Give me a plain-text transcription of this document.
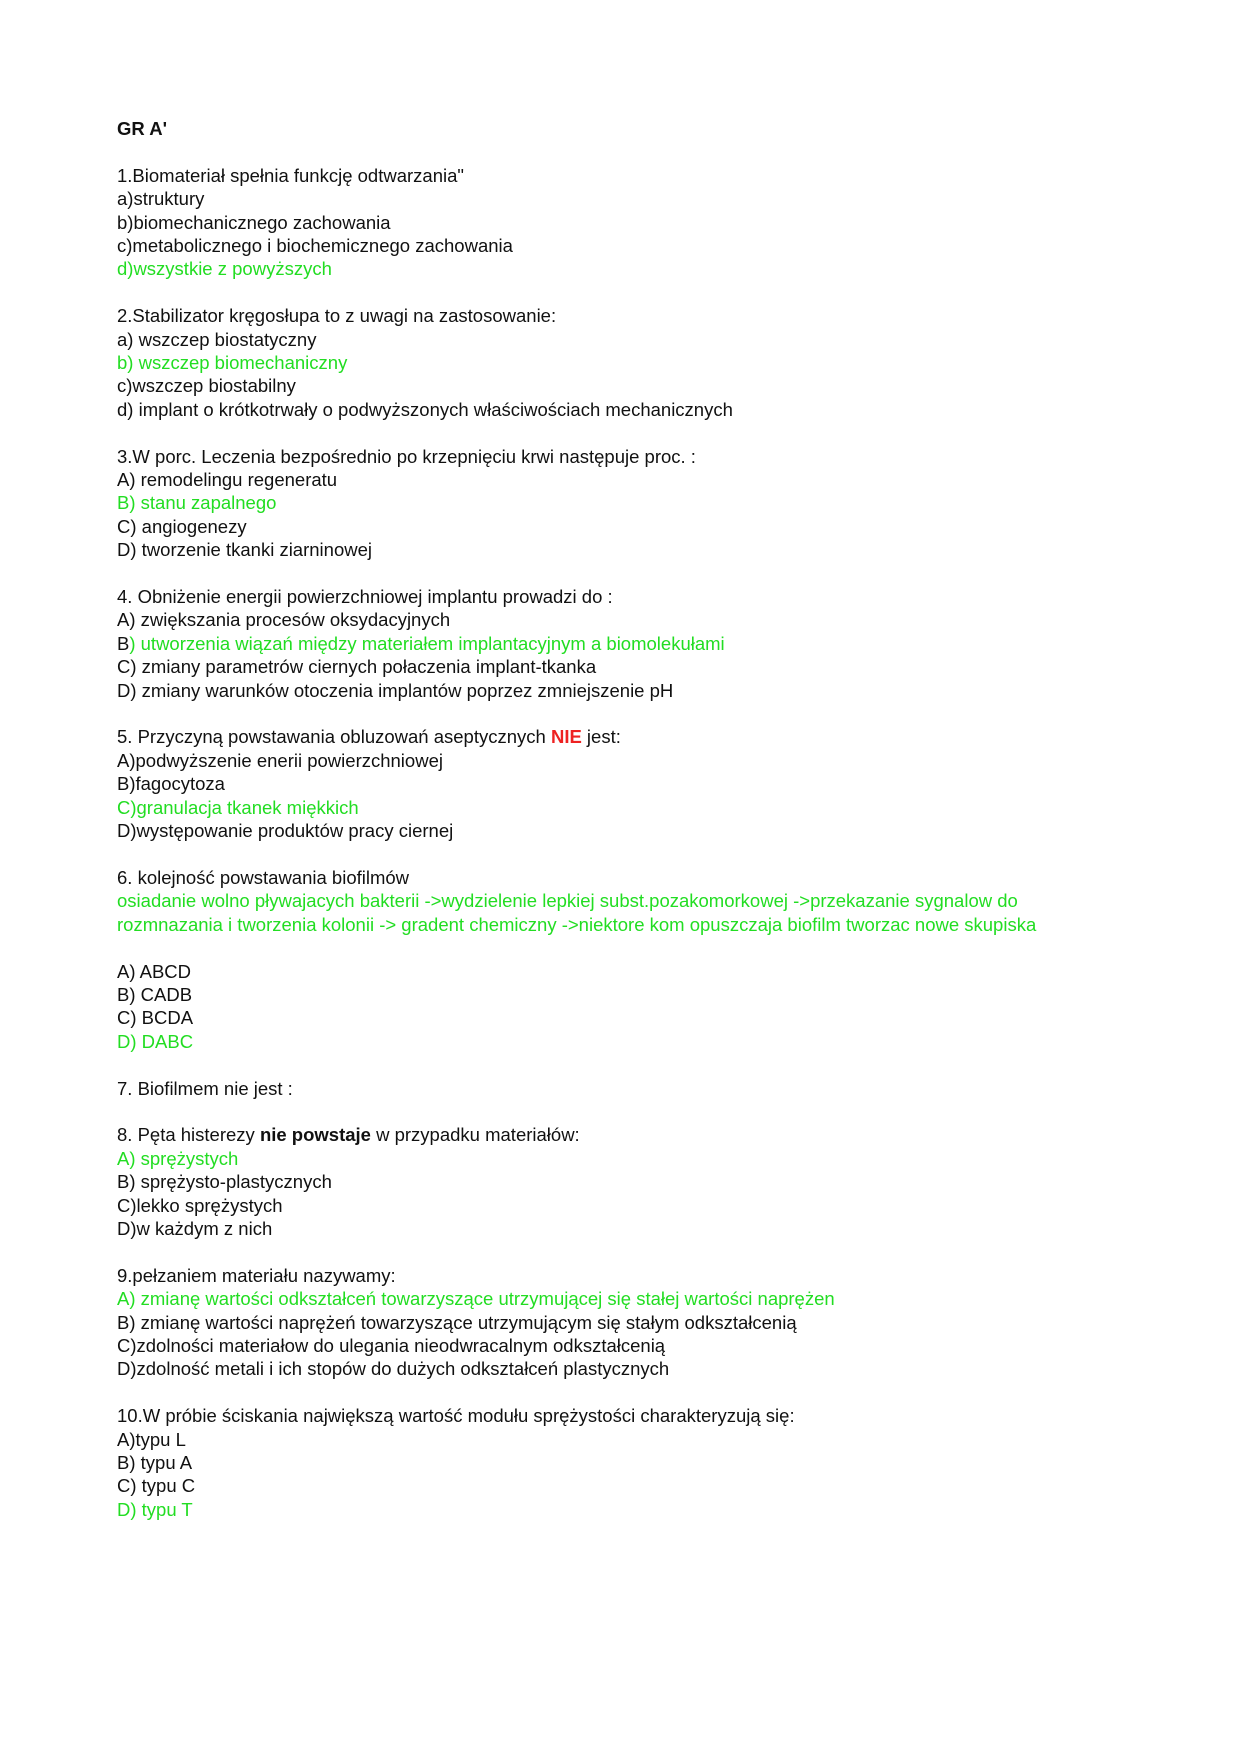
GR A'
1.Biomateriał spełnia funkcję odtwarzania"
a)struktury
b)biomechanicznego zachowania
c)metabolicznego i biochemicznego zachowania
d)wszystkie z powyższych
2.Stabilizator kręgosłupa to z uwagi na zastosowanie:
a) wszczep biostatyczny
b) wszczep biomechaniczny
c)wszczep biostabilny
d) implant o krótkotrwały o podwyższonych właściwościach mechanicznych
3.W porc. Leczenia bezpośrednio po krzepnięciu krwi następuje proc. :
A) remodelingu regeneratu
B) stanu zapalnego
C) angiogenezy
D) tworzenie tkanki ziarninowej
4. Obniżenie energii powierzchniowej implantu prowadzi do :
A) zwiększania procesów oksydacyjnych
B) utworzenia wiązań między materiałem implantacyjnym a biomolekułami
C) zmiany parametrów ciernych połaczenia implant-tkanka
D) zmiany warunków otoczenia implantów poprzez zmniejszenie pH
5. Przyczyną powstawania obluzowań aseptycznych NIE jest:
A)podwyższenie enerii powierzchniowej
B)fagocytoza
C)granulacja tkanek miękkich
D)występowanie produktów pracy ciernej
6. kolejność powstawania biofilmów
osiadanie wolno pływajacych bakterii ->wydzielenie lepkiej subst.pozakomorkowej ->przekazanie sygnalow do rozmnazania i tworzenia kolonii -> gradent chemiczny ->niektore kom opuszczaja biofilm tworzac nowe skupiska
A) ABCD
B) CADB
C) BCDA
D) DABC
7. Biofilmem nie jest :
8. Pęta histerezy nie powstaje w przypadku materiałów:
A) sprężystych
B) sprężysto-plastycznych
C)lekko sprężystych
D)w każdym z nich
9.pełzaniem materiału nazywamy:
A) zmianę wartości odkształceń towarzyszące utrzymującej się stałej wartości naprężen
B) zmianę wartości naprężeń towarzyszące utrzymującym się stałym odkształcenią
C)zdolności materiałow do ulegania nieodwracalnym odkształcenią
D)zdolność metali i ich stopów do dużych odkształceń plastycznych
10.W próbie ściskania największą wartość modułu sprężystości charakteryzują się:
A)typu L
B) typu A
C) typu C
D) typu T
